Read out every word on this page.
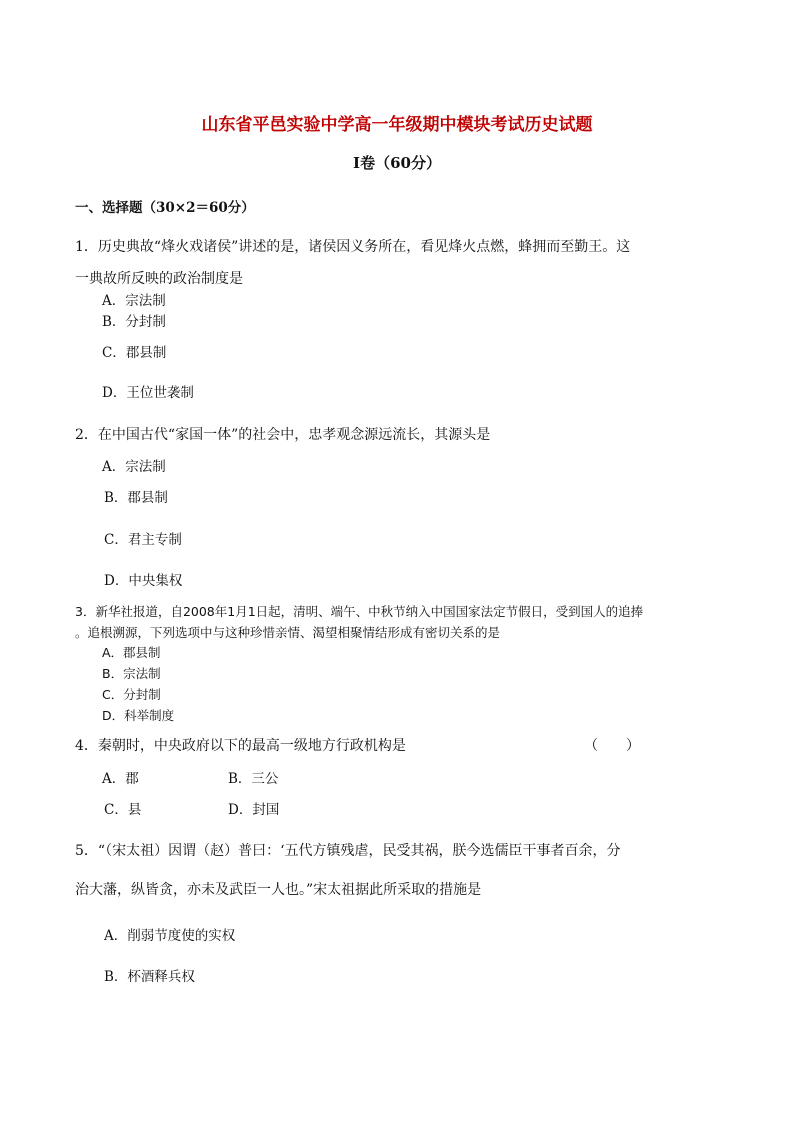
山东省平邑实验中学高一年级期中模块考试历史试题
I卷（60分）
一、选择题（30×2＝60分）
1．历史典故“烽火戏诸侯”讲述的是，诸侯因义务所在，看见烽火点燃，蜂拥而至勤王。这
一典故所反映的政治制度是
A．宗法制
B．分封制
C．郡县制
D．王位世袭制
2．在中国古代“家国一体”的社会中，忠孝观念源远流长，其源头是
A．宗法制
B．郡县制
C．君主专制
D．中央集权
3．新华社报道，自2008年1月1日起，清明、端午、中秋节纳入中国国家法定节假日，受到国人的追捧
。追根溯源，下列选项中与这种珍惜亲情、渴望相聚情结形成有密切关系的是
A．郡县制
B．宗法制
C．分封制
D．科举制度
4．秦朝时，中央政府以下的最高一级地方行政机构是	（　　）
A．郡	B．三公
C．县	D．封国
5．“（宋太祖）因谓（赵）普曰：‘五代方镇残虐，民受其祸，朕今选儒臣干事者百余，分
治大藩，纵皆贪，亦未及武臣一人也。”宋太祖据此所采取的措施是
A．削弱节度使的实权
B．杯酒释兵权
